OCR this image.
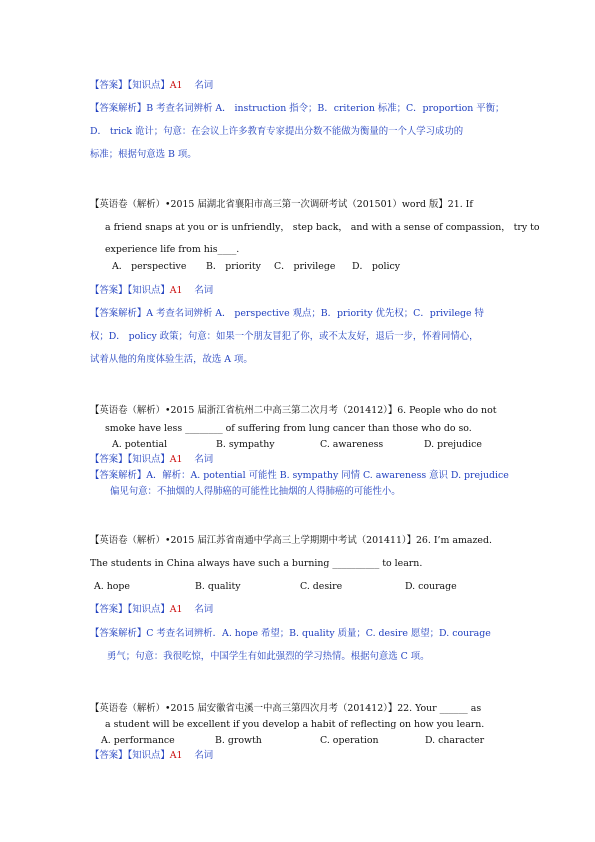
【答案】【知识点】A1 名词
【答案解析】B 考查名词辨析 A． instruction 指令；B．criterion 标准；C．proportion 平衡；
D． trick 诡计；句意：在会议上许多教育专家提出分数不能做为衡量的一个人学习成功的
标准；根据句意选 B 项。
【英语卷（解析）•2015 届湖北省襄阳市高三第一次调研考试（201501）word 版】21. If
a friend snaps at you or is unfriendly， step back， and with a sense of compassion， try to
experience life from his____.
A． perspective B． priority C． privilege D． policy
【答案】【知识点】A1 名词
【答案解析】A 考查名词辨析 A． perspective 观点；B．priority 优先权；C．privilege 特
权；D． policy 政策；句意：如果一个朋友冒犯了你，或不太友好，退后一步，怀着同情心，
试着从他的角度体验生活，故选 A 项。
【英语卷（解析）•2015 届浙江省杭州二中高三第二次月考（201412）】6. People who do not
smoke have less ________ of suffering from lung cancer than those who do so.
A. potential	B. sympathy	C. awareness	D. prejudice
【答案】【知识点】A1 名词
【答案解析】A．解析：A. potential 可能性 B. sympathy 同情 C. awareness 意识 D. prejudice
偏见句意：不抽烟的人得肺癌的可能性比抽烟的人得肺癌的可能性小。
【英语卷（解析）•2015 届江苏省南通中学高三上学期期中考试（201411）】26. I’m amazed.
The students in China always have such a burning __________ to learn.
A. hope	B. quality	C. desire	D. courage
【答案】【知识点】A1 名词
【答案解析】C 考查名词辨析．A. hope 希望；B. quality 质量；C. desire 愿望；D. courage
勇气；句意：我很吃惊，中国学生有如此强烈的学习热情。根据句意选 C 项。
【英语卷（解析）•2015 届安徽省屯溪一中高三第四次月考（201412）】22. Your ______ as
a student will be excellent if you develop a habit of reflecting on how you learn.
A. performance	B. growth	C. operation	D. character
【答案】【知识点】A1 名词
